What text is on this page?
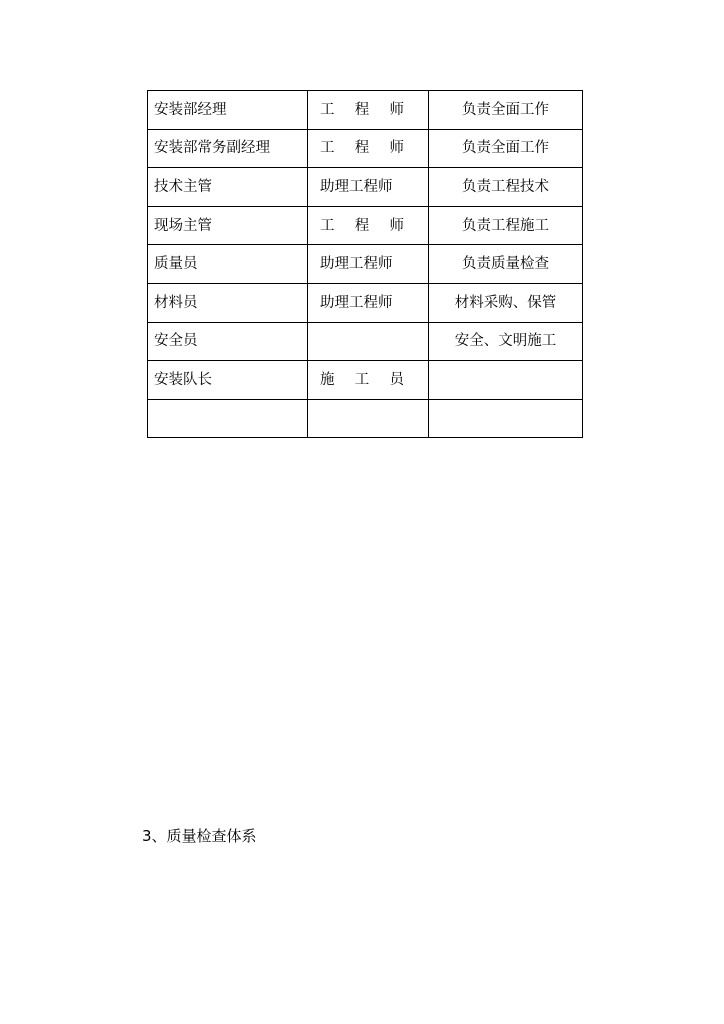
安装部经理	工 程 师	负责全面工作
安装部常务副经理	工 程 师	负责全面工作
技术主管	助理工程师	负责工程技术
现场主管	工 程 师	负责工程施工
质量员	助理工程师	负责质量检查
材料员	助理工程师	材料采购、保管
安全员		安全、文明施工
安装队长	施 工 员	

3、质量检查体系
